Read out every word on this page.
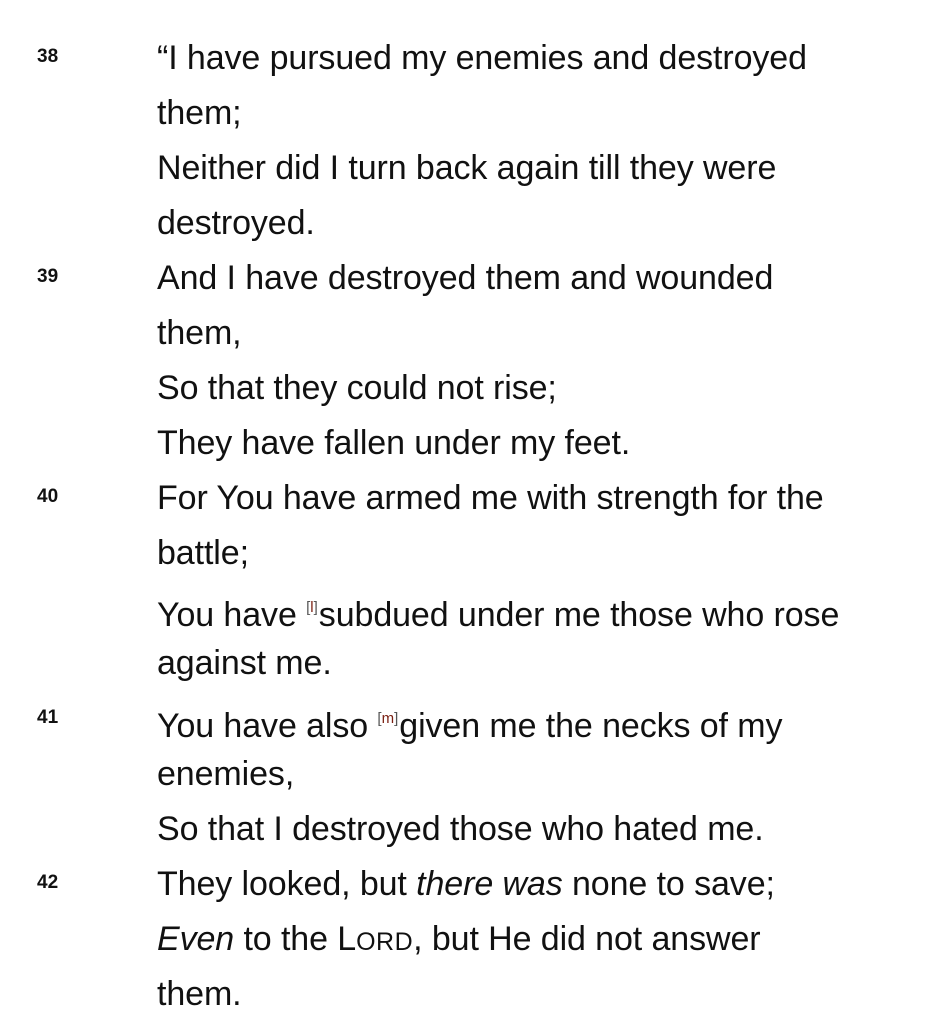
38	“I have pursued my enemies and destroyed
them;
Neither did I turn back again till they were
destroyed.
39	And I have destroyed them and wounded
them,
So that they could not rise;
They have fallen under my feet.
40	For You have armed me with strength for the
battle;
You have [l]subdued under me those who rose
against me.
41	You have also [m]given me the necks of my
enemies,
So that I destroyed those who hated me.
42	They looked, but there was none to save;
Even to the LORD, but He did not answer
them.
